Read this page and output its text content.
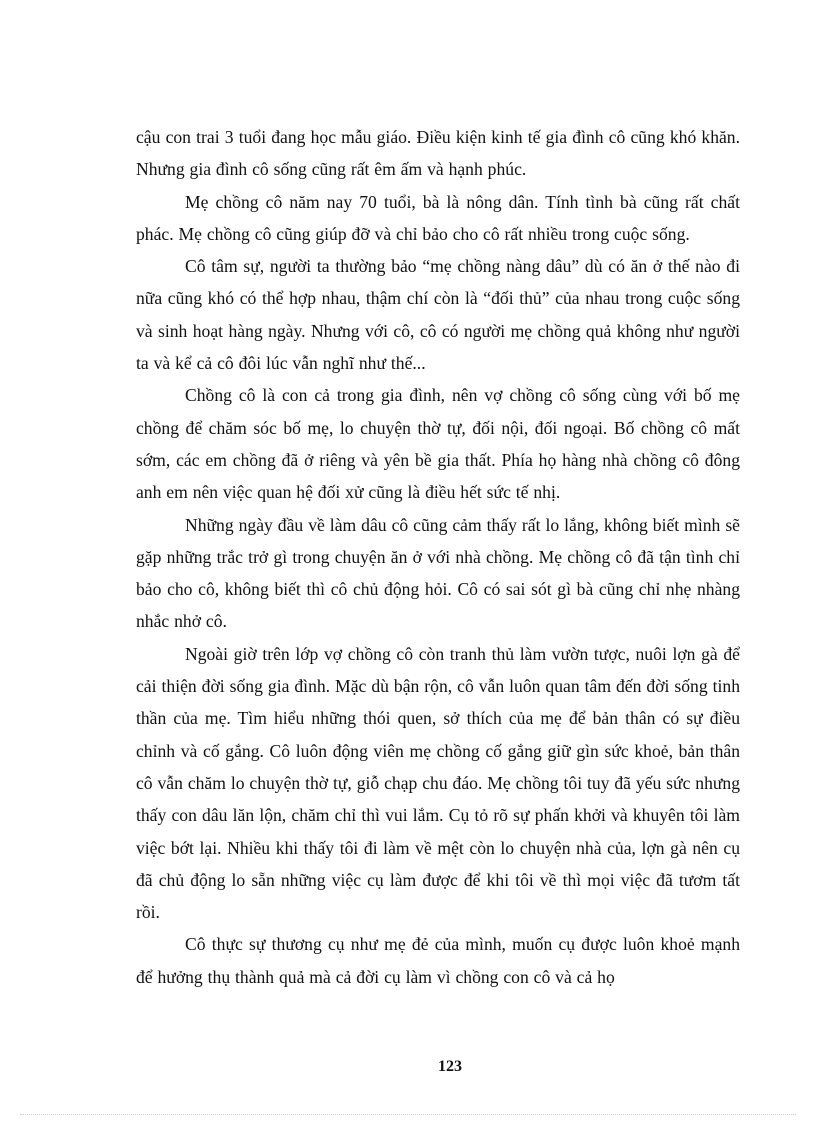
cậu con trai 3 tuổi đang học mẫu giáo. Điều kiện kinh tế gia đình cô cũng khó khăn. Nhưng gia đình cô sống cũng rất êm ấm và hạnh phúc.

Mẹ chồng cô năm nay 70 tuổi, bà là nông dân. Tính tình bà cũng rất chất phác. Mẹ chồng cô cũng giúp đỡ và chỉ bảo cho cô rất nhiều trong cuộc sống.

Cô tâm sự, người ta thường bảo “mẹ chồng nàng dâu” dù có ăn ở thế nào đi nữa cũng khó có thể hợp nhau, thậm chí còn là “đối thủ” của nhau trong cuộc sống và sinh hoạt hàng ngày. Nhưng với cô, cô có người mẹ chồng quả không như người ta và kể cả cô đôi lúc vẫn nghĩ như thế...

Chồng cô là con cả trong gia đình, nên vợ chồng cô sống cùng với bố mẹ chồng để chăm sóc bố mẹ, lo chuyện thờ tự, đối nội, đối ngoại. Bố chồng cô mất sớm, các em chồng đã ở riêng và yên bề gia thất. Phía họ hàng nhà chồng cô đông anh em nên việc quan hệ đối xử cũng là điều hết sức tế nhị.

Những ngày đầu về làm dâu cô cũng cảm thấy rất lo lắng, không biết mình sẽ gặp những trắc trở gì trong chuyện ăn ở với nhà chồng. Mẹ chồng cô đã tận tình chỉ bảo cho cô, không biết thì cô chủ động hỏi. Cô có sai sót gì bà cũng chỉ nhẹ nhàng nhắc nhở cô.

Ngoài giờ trên lớp vợ chồng cô còn tranh thủ làm vườn tược, nuôi lợn gà để cải thiện đời sống gia đình. Mặc dù bận rộn, cô vẫn luôn quan tâm đến đời sống tinh thần của mẹ. Tìm hiểu những thói quen, sở thích của mẹ để bản thân có sự điều chỉnh và cố gắng. Cô luôn động viên mẹ chồng cố gắng giữ gìn sức khoẻ, bản thân cô vẫn chăm lo chuyện thờ tự, giỗ chạp chu đáo. Mẹ chồng tôi tuy đã yếu sức nhưng thấy con dâu lăn lộn, chăm chỉ thì vui lắm. Cụ tỏ rõ sự phấn khởi và khuyên tôi làm việc bớt lại. Nhiều khi thấy tôi đi làm về mệt còn lo chuyện nhà của, lợn gà nên cụ đã chủ động lo sẵn những việc cụ làm được để khi tôi về thì mọi việc đã tươm tất rồi.

Cô thực sự thương cụ như mẹ đẻ của mình, muốn cụ được luôn khoẻ mạnh để hưởng thụ thành quả mà cả đời cụ làm vì chồng con cô và cả họ

123
